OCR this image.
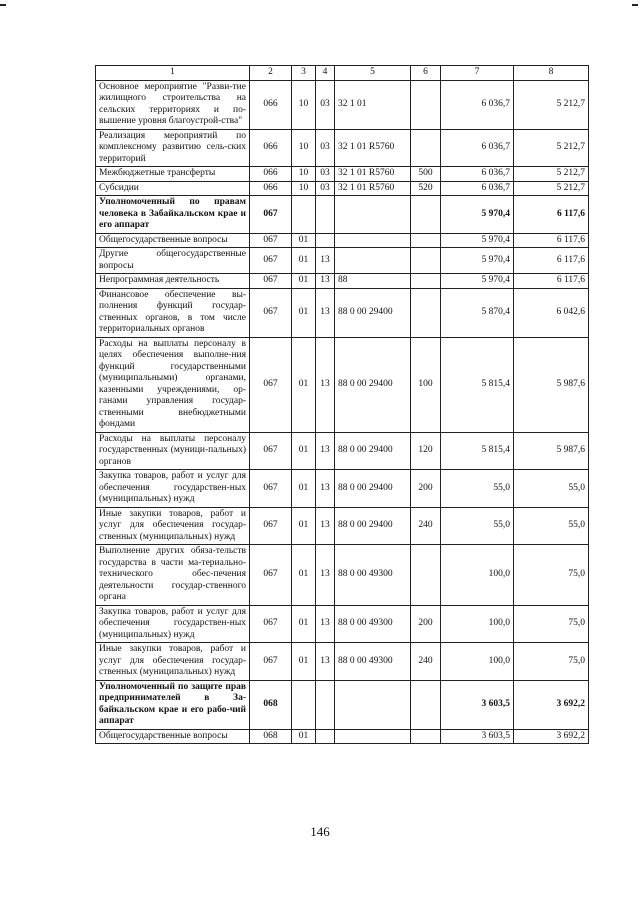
1	2	3	4	5	6	7	8
Основное мероприятие "Разви-тие жилищного строительства на сельских территориях и по-вышение уровня благоустрой-ства"	066	10	03	32 1 01		6 036,7	5 212,7
Реализация мероприятий по комплексному развитию сель-ских территорий	066	10	03	32 1 01 R5760		6 036,7	5 212,7
Межбюджетные трансферты	066	10	03	32 1 01 R5760	500	6 036,7	5 212,7
Субсидии	066	10	03	32 1 01 R5760	520	6 036,7	5 212,7
Уполномоченный по правам человека в Забайкальском крае и его аппарат	067					5 970,4	6 117,6
Общегосударственные вопросы	067	01				5 970,4	6 117,6
Другие общегосударственные вопросы	067	01	13			5 970,4	6 117,6
Непрограммная деятельность	067	01	13	88		5 970,4	6 117,6
Финансовое обеспечение вы-полнения функций государ-ственных органов, в том числе территориальных органов	067	01	13	88 0 00 29400		5 870,4	6 042,6
Расходы на выплаты персоналу в целях обеспечения выполне-ния функций государственными (муниципальными) органами, казенными учреждениями, ор-ганами управления государ-ственными внебюджетными фондами	067	01	13	88 0 00 29400	100	5 815,4	5 987,6
Расходы на выплаты персоналу государственных (муници-пальных) органов	067	01	13	88 0 00 29400	120	5 815,4	5 987,6
Закупка товаров, работ и услуг для обеспечения государствен-ных (муниципальных) нужд	067	01	13	88 0 00 29400	200	55,0	55,0
Иные закупки товаров, работ и услуг для обеспечения государ-ственных (муниципальных) нужд	067	01	13	88 0 00 29400	240	55,0	55,0
Выполнение других обяза-тельств государства в части ма-териально-технического обес-печения деятельности государ-ственного органа	067	01	13	88 0 00 49300		100,0	75,0
Закупка товаров, работ и услуг для обеспечения государствен-ных (муниципальных) нужд	067	01	13	88 0 00 49300	200	100,0	75,0
Иные закупки товаров, работ и услуг для обеспечения государ-ственных (муниципальных) нужд	067	01	13	88 0 00 49300	240	100,0	75,0
Уполномоченный по защите прав предпринимателей в За-байкальском крае и его рабо-чий аппарат	068					3 603,5	3 692,2
Общегосударственные вопросы	068	01				3 603,5	3 692,2
146
